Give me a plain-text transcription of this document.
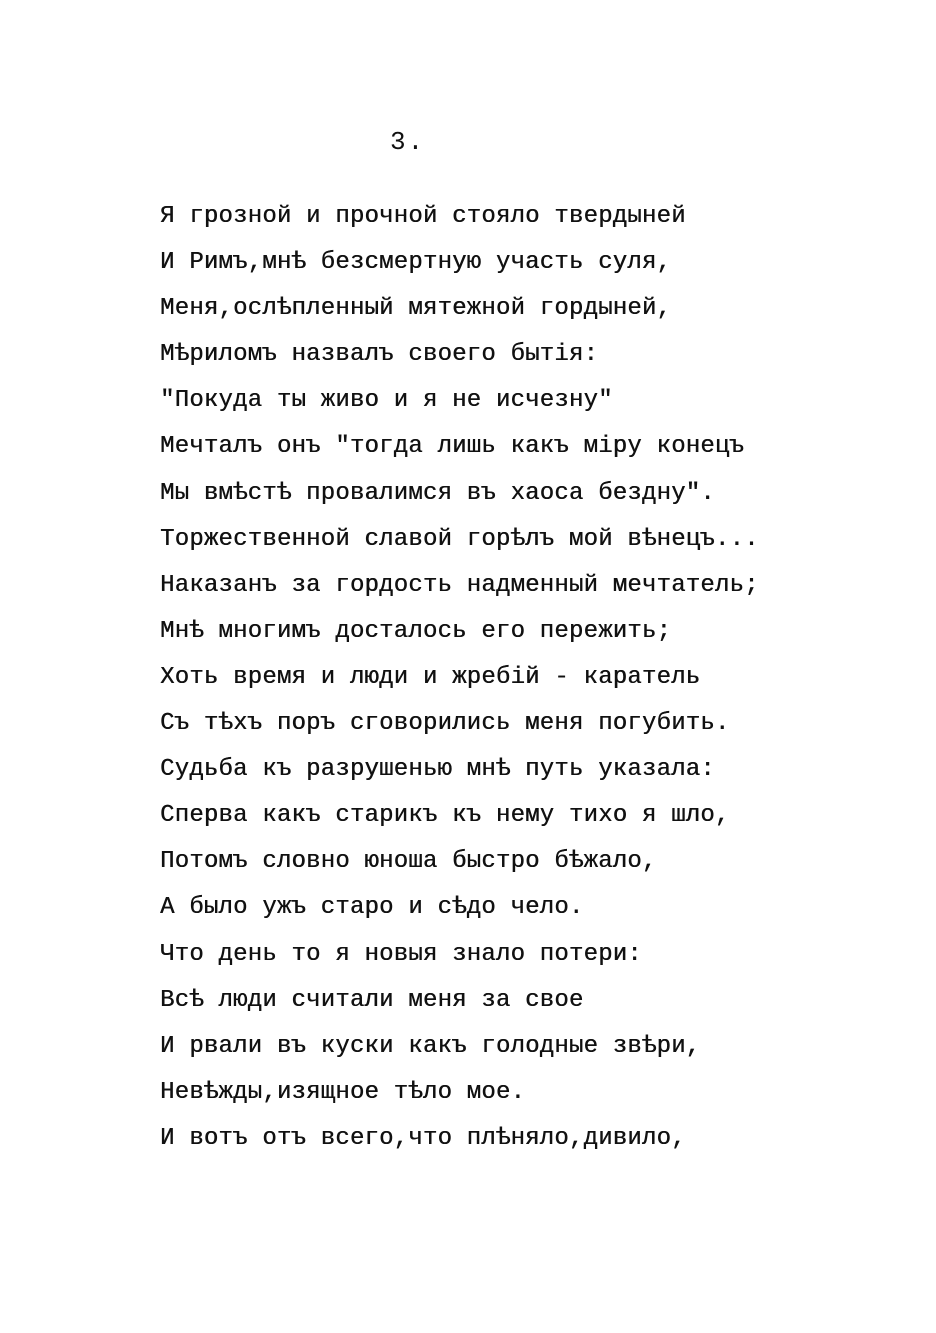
3.
Я грозной и прочной стояло твердыней
И Римъ,мнѣ безсмертную участь суля,
Меня,ослѣпленный мятежной гордыней,
Мѣриломъ назвалъ своего бытія:
"Покуда ты живо и я не исчезну"
Мечталъ онъ "тогда лишь какъ міру конецъ
Мы вмѣстѣ провалимся въ хаоса бездну".
Торжественной славой горѣлъ мой вѣнецъ...
Наказанъ за гордость надменный мечтатель;
Мнѣ многимъ досталось его пережить;
Хоть время и люди и жребій - каратель
Съ тѣхъ поръ сговорились меня погубить.
Судьба къ разрушенью мнѣ путь указала:
Сперва какъ старикъ къ нему тихо я шло,
Потомъ словно юноша быстро бѣжало,
А было ужъ старо и сѣдо чело.
Что день то я новыя знало потери:
Всѣ люди считали меня за свое
И рвали въ куски какъ голодные звѣри,
Невѣжды,изящное тѣло мое.
И вотъ отъ всего,что плѣняло,дивило,
